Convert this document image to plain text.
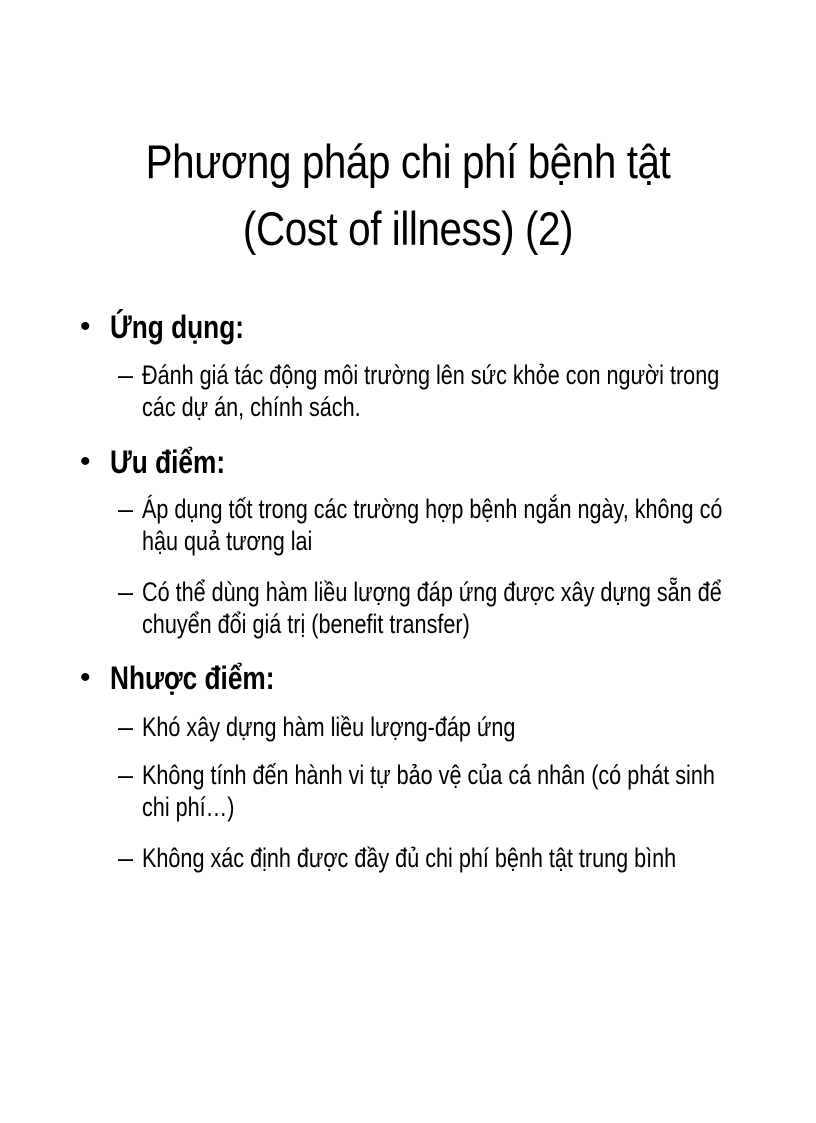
Phương pháp chi phí bệnh tật (Cost of illness) (2)
• Ứng dụng:
– Đánh giá tác động môi trường lên sức khỏe con người trong các dự án, chính sách.
• Ưu điểm:
– Áp dụng tốt trong các trường hợp bệnh ngắn ngày, không có hậu quả tương lai
– Có thể dùng hàm liều lượng đáp ứng được xây dựng sẵn để chuyển đổi giá trị (benefit transfer)
• Nhược điểm:
– Khó xây dựng hàm liều lượng-đáp ứng
– Không tính đến hành vi tự bảo vệ của cá nhân (có phát sinh chi phí…)
– Không xác định được đầy đủ chi phí bệnh tật trung bình
